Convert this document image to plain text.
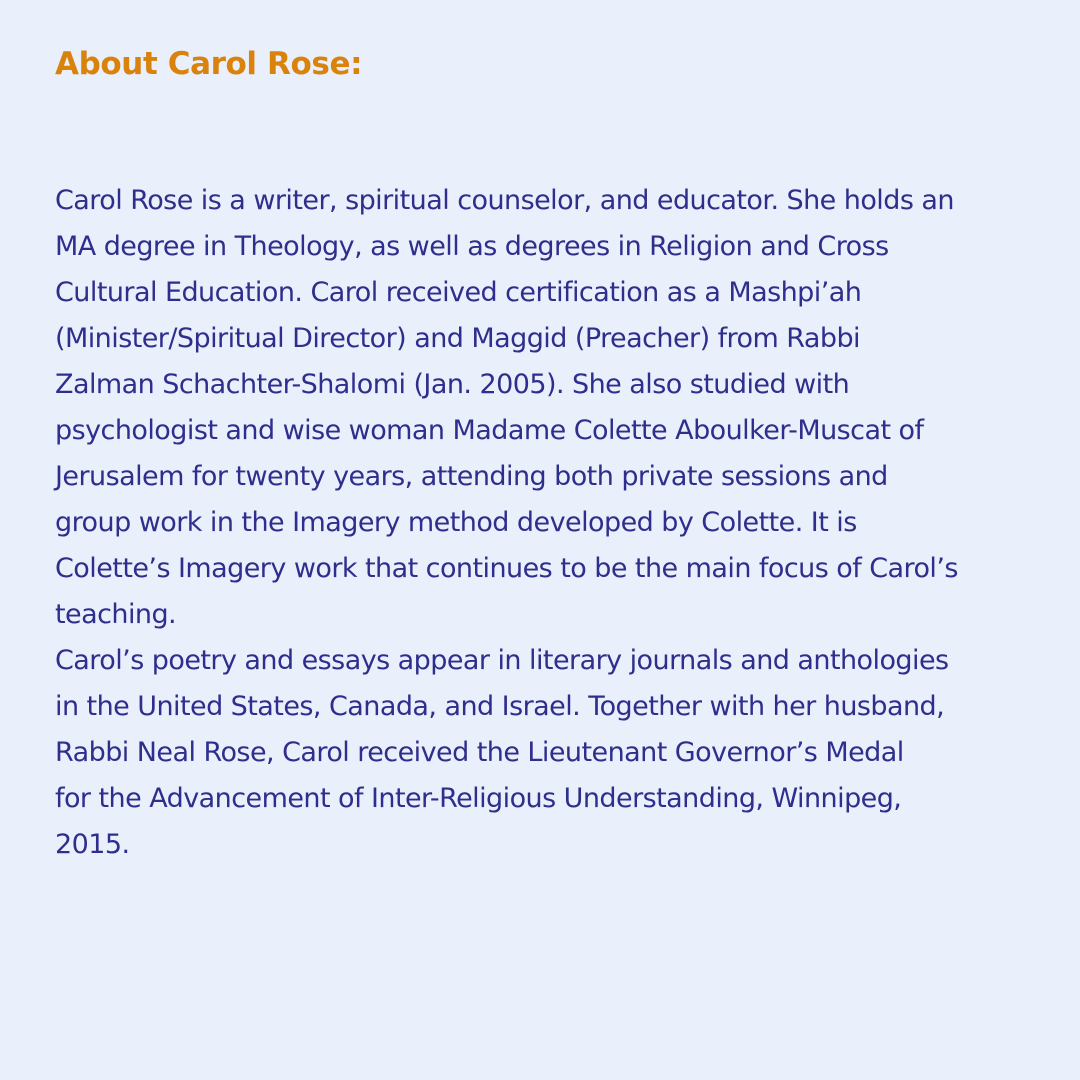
About Carol Rose:

Carol Rose is a writer, spiritual counselor, and educator. She holds an
MA degree in Theology, as well as degrees in Religion and Cross
Cultural Education. Carol received certification as a Mashpi’ah
(Minister/Spiritual Director) and Maggid (Preacher) from Rabbi
Zalman Schachter-Shalomi (Jan. 2005). She also studied with
psychologist and wise woman Madame Colette Aboulker-Muscat of
Jerusalem for twenty years, attending both private sessions and
group work in the Imagery method developed by Colette. It is
Colette’s Imagery work that continues to be the main focus of Carol’s
teaching.

Carol’s poetry and essays appear in literary journals and anthologies
in the United States, Canada, and Israel. Together with her husband,
Rabbi Neal Rose, Carol received the Lieutenant Governor’s Medal
for the Advancement of Inter-Religious Understanding, Winnipeg,
2015.
